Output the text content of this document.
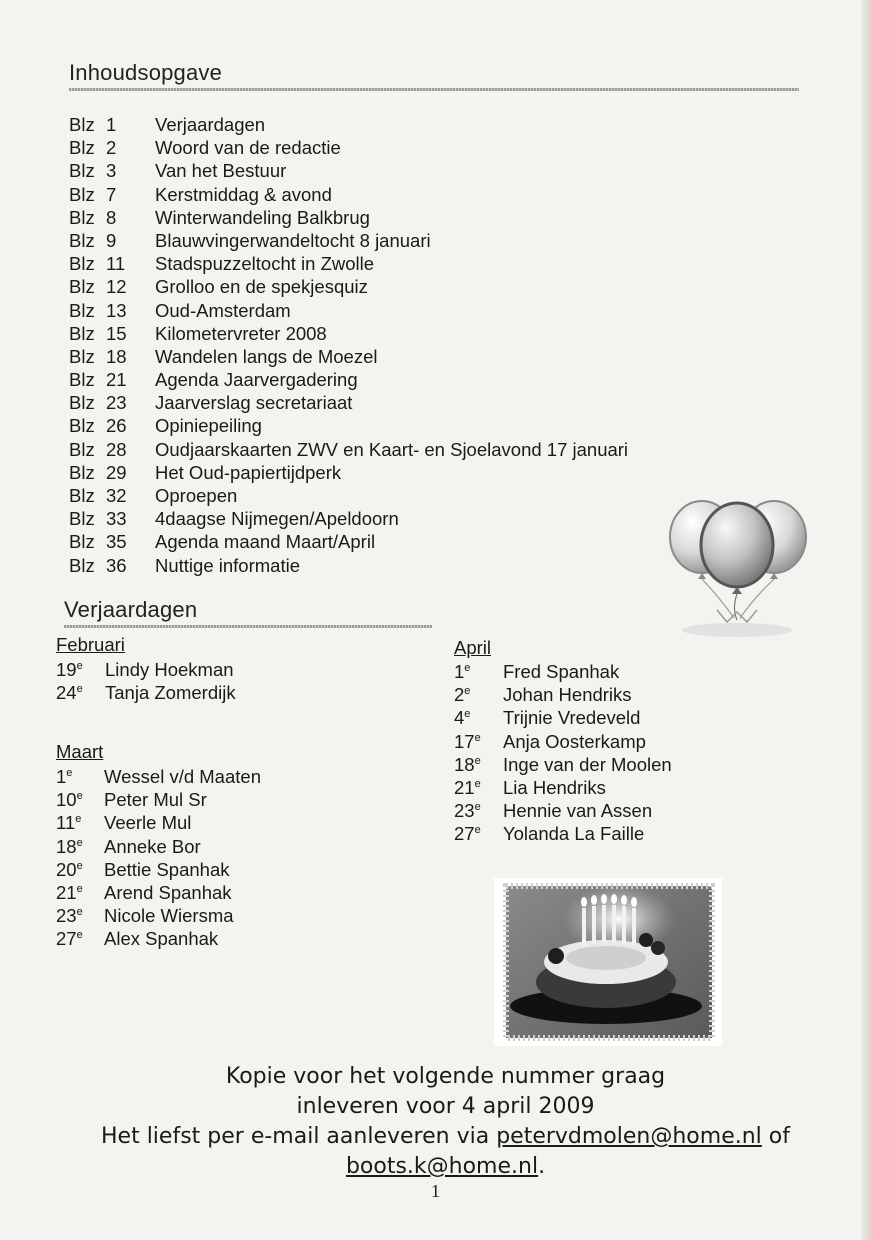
Inhoudsopgave
Blz 1 Verjaardagen
Blz 2 Woord van de redactie
Blz 3 Van het Bestuur
Blz 7 Kerstmiddag & avond
Blz 8 Winterwandeling Balkbrug
Blz 9 Blauwvingerwandeltocht 8 januari
Blz 11 Stadspuzzeltocht in Zwolle
Blz 12 Grolloo en de spekjesquiz
Blz 13 Oud-Amsterdam
Blz 15 Kilometervreter 2008
Blz 18 Wandelen langs de Moezel
Blz 21 Agenda Jaarvergadering
Blz 23 Jaarverslag secretariaat
Blz 26 Opiniepeiling
Blz 28 Oudjaarskaarten ZWV en Kaart- en Sjoelavond 17 januari
Blz 29 Het Oud-papiertijdperk
Blz 32 Oproepen
Blz 33 4daagse Nijmegen/Apeldoorn
Blz 35 Agenda maand Maart/April
Blz 36 Nuttige informatie
Verjaardagen
Februari
19e Lindy Hoekman
24e Tanja Zomerdijk
Maart
1e Wessel v/d Maaten
10e Peter Mul Sr
11e Veerle Mul
18e Anneke Bor
20e Bettie Spanhak
21e Arend Spanhak
23e Nicole Wiersma
27e Alex Spanhak
April
1e Fred Spanhak
2e Johan Hendriks
4e Trijnie Vredeveld
17e Anja Oosterkamp
18e Inge van der Moolen
21e Lia Hendriks
23e Hennie van Assen
27e Yolanda La Faille
Kopie voor het volgende nummer graag
inleveren voor 4 april 2009
Het liefst per e-mail aanleveren via petervdmolen@home.nl of
boots.k@home.nl.
1
